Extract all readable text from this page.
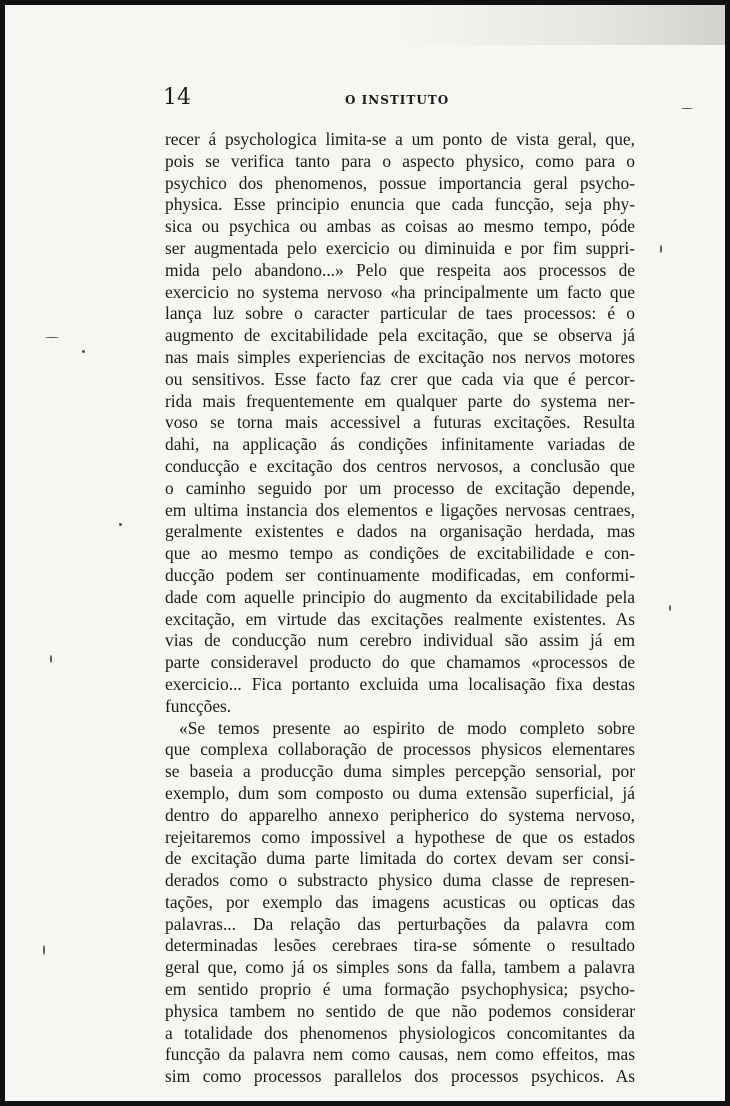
14	O INSTITUTO
recer á psychologica limita-se a um ponto de vista geral, que,
pois se verifica tanto para o aspecto physico, como para o
psychico dos phenomenos, possue importancia geral psycho-
physica. Esse principio enuncia que cada funcção, seja phy-
sica ou psychica ou ambas as coisas ao mesmo tempo, póde
ser augmentada pelo exercicio ou diminuida e por fim suppri-
mida pelo abandono...» Pelo que respeita aos processos de
exercicio no systema nervoso «ha principalmente um facto que
lança luz sobre o caracter particular de taes processos: é o
augmento de excitabilidade pela excitação, que se observa já
nas mais simples experiencias de excitação nos nervos motores
ou sensitivos. Esse facto faz crer que cada via que é percor-
rida mais frequentemente em qualquer parte do systema ner-
voso se torna mais accessivel a futuras excitações. Resulta
dahi, na applicação ás condições infinitamente variadas de
conducção e excitação dos centros nervosos, a conclusão que
o caminho seguido por um processo de excitação depende,
em ultima instancia dos elementos e ligações nervosas centraes,
geralmente existentes e dados na organisação herdada, mas
que ao mesmo tempo as condições de excitabilidade e con-
ducção podem ser continuamente modificadas, em conformi-
dade com aquelle principio do augmento da excitabilidade pela
excitação, em virtude das excitações realmente existentes. As
vias de conducção num cerebro individual são assim já em
parte consideravel producto do que chamamos «processos de
exercicio... Fica portanto excluida uma localisação fixa destas
funcções.
«Se temos presente ao espirito de modo completo sobre
que complexa collaboração de processos physicos elementares
se baseia a producção duma simples percepção sensorial, por
exemplo, dum som composto ou duma extensão superficial, já
dentro do apparelho annexo peripherico do systema nervoso,
rejeitaremos como impossivel a hypothese de que os estados
de excitação duma parte limitada do cortex devam ser consi-
derados como o substracto physico duma classe de represen-
tações, por exemplo das imagens acusticas ou opticas das
palavras... Da relação das perturbações da palavra com
determinadas lesões cerebraes tira-se sómente o resultado
geral que, como já os simples sons da falla, tambem a palavra
em sentido proprio é uma formação psychophysica; psycho-
physica tambem no sentido de que não podemos considerar
a totalidade dos phenomenos physiologicos concomitantes da
funcção da palavra nem como causas, nem como effeitos, mas
sim como processos parallelos dos processos psychicos. As
